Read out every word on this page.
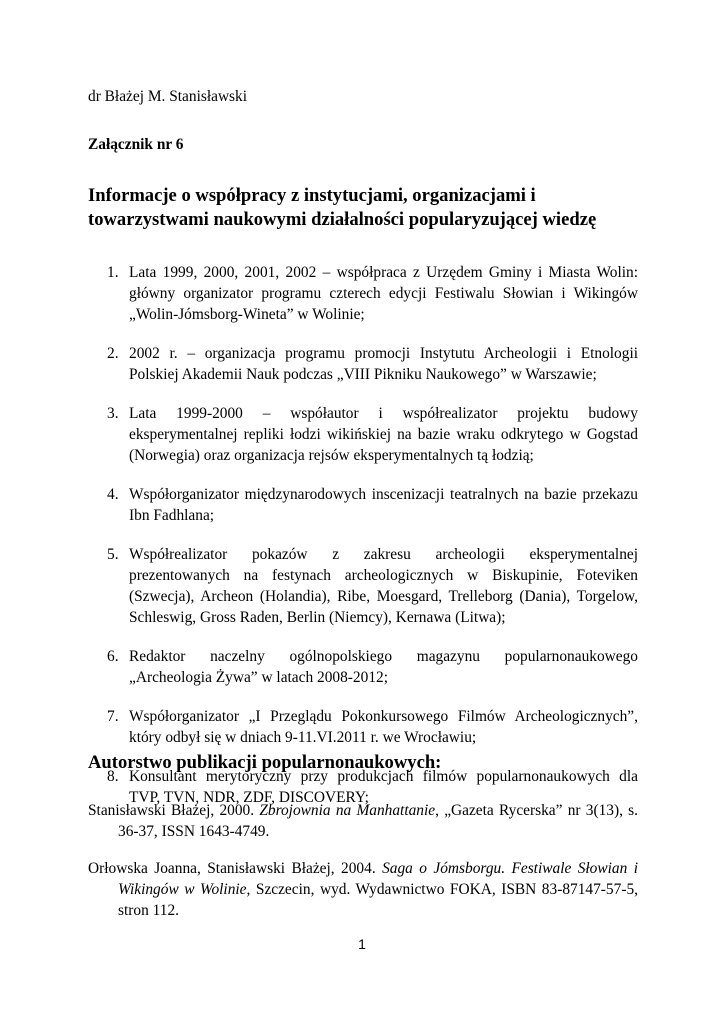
dr Błażej M. Stanisławski
Załącznik nr 6
Informacje o współpracy z instytucjami, organizacjami i towarzystwami naukowymi działalności popularyzującej wiedzę
1. Lata 1999, 2000, 2001, 2002 – współpraca z Urzędem Gminy i Miasta Wolin: główny organizator programu czterech edycji Festiwalu Słowian i Wikingów „Wolin-Jómsborg-Wineta” w Wolinie;
2. 2002 r. – organizacja programu promocji Instytutu Archeologii i Etnologii Polskiej Akademii Nauk podczas „VIII Pikniku Naukowego” w Warszawie;
3. Lata 1999-2000 – współautor i współrealizator projektu budowy eksperymentalnej repliki łodzi wikińskiej na bazie wraku odkrytego w Gogstad (Norwegia) oraz organizacja rejsów eksperymentalnych tą łodzią;
4. Współorganizator międzynarodowych inscenizacji teatralnych na bazie przekazu Ibn Fadhlana;
5. Współrealizator pokazów z zakresu archeologii eksperymentalnej prezentowanych na festynach archeologicznych w Biskupinie, Foteviken (Szwecja), Archeon (Holandia), Ribe, Moesgard, Trelleborg (Dania), Torgelow, Schleswig, Gross Raden, Berlin (Niemcy), Kernawa (Litwa);
6. Redaktor naczelny ogólnopolskiego magazynu popularnonaukowego „Archeologia Żywa” w latach 2008-2012;
7. Współorganizator „I Przeglądu Pokonkursowego Filmów Archeologicznych”, który odbył się w dniach 9-11.VI.2011 r. we Wrocławiu;
8. Konsultant merytoryczny przy produkcjach filmów popularnonaukowych dla TVP, TVN, NDR, ZDF, DISCOVERY;
Autorstwo publikacji popularnonaukowych:

Stanisławski Błażej, 2000. Zbrojownia na Manhattanie, „Gazeta Rycerska” nr 3(13), s. 36-37, ISSN 1643-4749.

Orłowska Joanna, Stanisławski Błażej, 2004. Saga o Jómsborgu. Festiwale Słowian i Wikingów w Wolinie, Szczecin, wyd. Wydawnictwo FOKA, ISBN 83-87147-57-5, stron 112.

1
